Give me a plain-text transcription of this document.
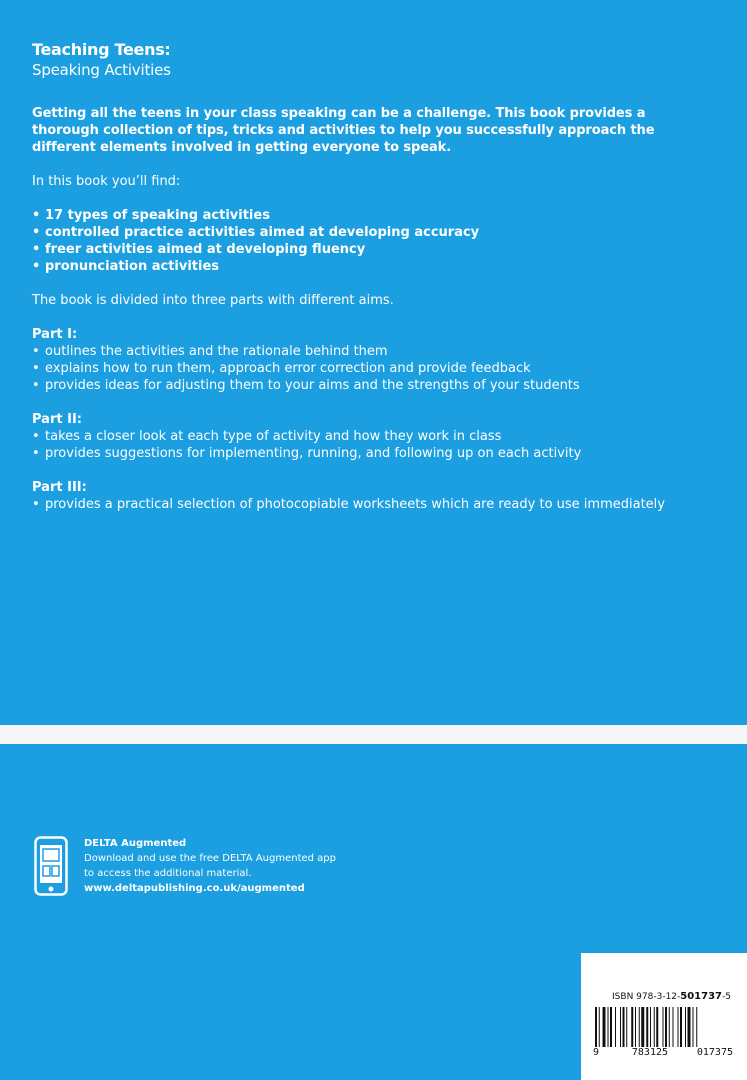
Teaching Teens:
Speaking Activities

Getting all the teens in your class speaking can be a challenge. This book provides a thorough collection of tips, tricks and activities to help you successfully approach the different elements involved in getting everyone to speak.

In this book you’ll find:

• 17 types of speaking activities
• controlled practice activities aimed at developing accuracy
• freer activities aimed at developing fluency
• pronunciation activities

The book is divided into three parts with different aims.

Part I:

• outlines the activities and the rationale behind them
• explains how to run them, approach error correction and provide feedback
• provides ideas for adjusting them to your aims and the strengths of your students

Part II:

• takes a closer look at each type of activity and how they work in class
• provides suggestions for implementing, running, and following up on each activity

Part III:

• provides a practical selection of photocopiable worksheets which are ready to use immediately
DELTA Augmented
Download and use the free DELTA Augmented app
to access the additional material.
www.deltapublishing.co.uk/augmented
ISBN 978-3-12-501737-5
9	783125	017375
